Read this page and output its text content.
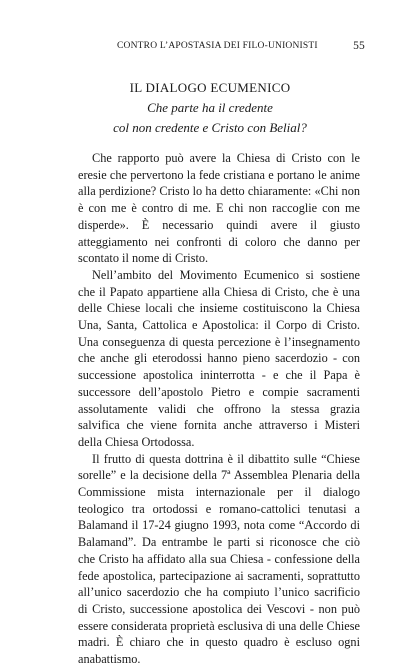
CONTRO L’APOSTASIA DEI FILO-UNIONISTI	55
IL DIALOGO ECUMENICO
Che parte ha il credente
col non credente e Cristo con Belial?

Che rapporto può avere la Chiesa di Cristo con le eresie che pervertono la fede cristiana e portano le anime alla perdizione? Cristo lo ha detto chiaramente: «Chi non è con me è contro di me. E chi non raccoglie con me disperde». È necessario quindi avere il giusto atteggiamento nei confronti di coloro che danno per scontato il nome di Cristo.

Nell’ambito del Movimento Ecumenico si sostiene che il Papato appartiene alla Chiesa di Cristo, che è una delle Chiese locali che insieme costituiscono la Chiesa Una, Santa, Cattolica e Apostolica: il Corpo di Cristo. Una conseguenza di questa percezione è l’insegnamento che anche gli eterodossi hanno pieno sacerdozio - con successione apostolica ininterrotta - e che il Papa è successore dell’apostolo Pietro e compie sacramenti assolutamente validi che offrono la stessa grazia salvifica che viene fornita anche attraverso i Misteri della Chiesa Ortodossa.

Il frutto di questa dottrina è il dibattito sulle “Chiese sorelle” e la decisione della 7ª Assemblea Plenaria della Commissione mista internazionale per il dialogo teologico tra ortodossi e romano-cattolici tenutasi a Balamand il 17-24 giugno 1993, nota come “Accordo di Balamand”. Da entrambe le parti si riconosce che ciò che Cristo ha affidato alla sua Chiesa - confessione della fede apostolica, partecipazione ai sacramenti, soprattutto all’unico sacerdozio che ha compiuto l’unico sacrificio di Cristo, successione apostolica dei Vescovi - non può essere considerata proprietà esclusiva di una delle Chiese madri. È chiaro che in questo quadro è escluso ogni anabattismo.
